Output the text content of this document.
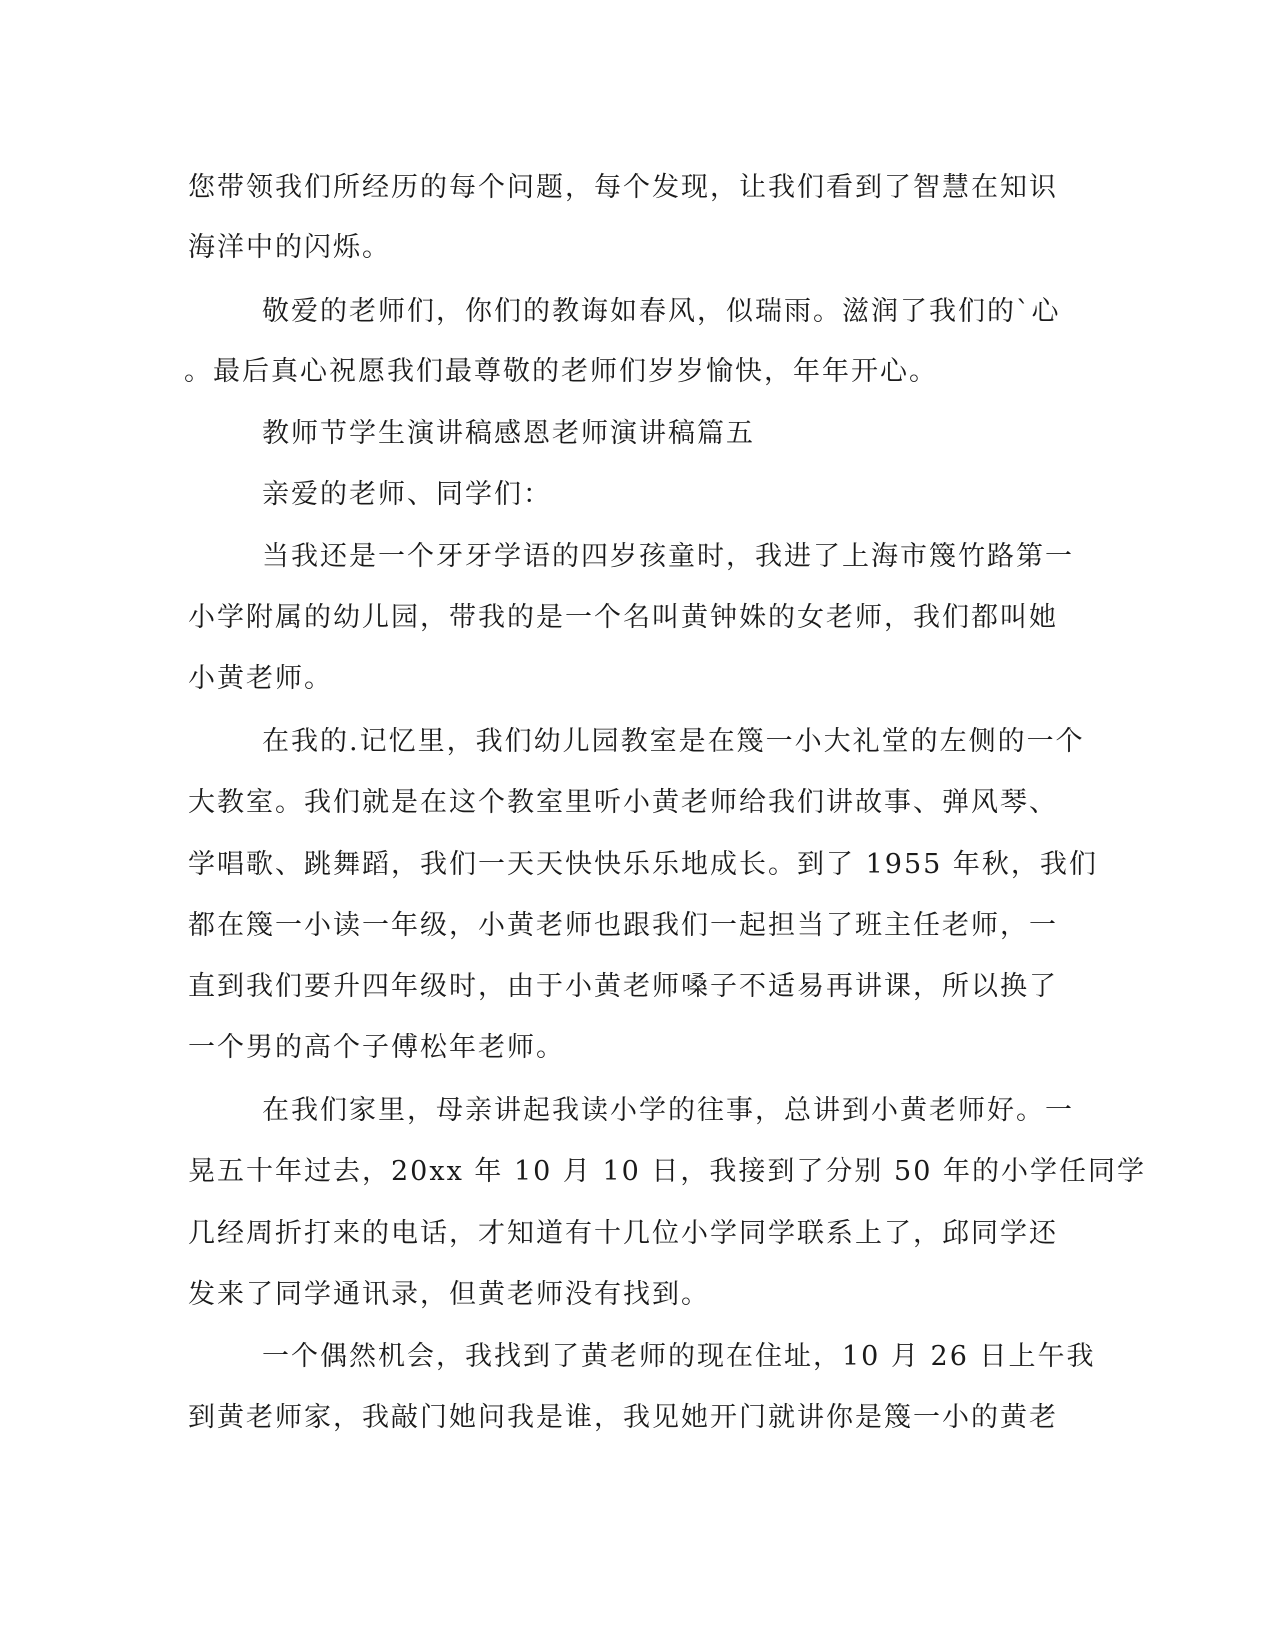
您带领我们所经历的每个问题，每个发现，让我们看到了智慧在知识
海洋中的闪烁。
敬爱的老师们，你们的教诲如春风，似瑞雨。滋润了我们的`心
。最后真心祝愿我们最尊敬的老师们岁岁愉快，年年开心。
教师节学生演讲稿感恩老师演讲稿篇五
亲爱的老师、同学们：
当我还是一个牙牙学语的四岁孩童时，我进了上海市篾竹路第一
小学附属的幼儿园，带我的是一个名叫黄钟姝的女老师，我们都叫她
小黄老师。
在我的.记忆里，我们幼儿园教室是在篾一小大礼堂的左侧的一个
大教室。我们就是在这个教室里听小黄老师给我们讲故事、弹风琴、
学唱歌、跳舞蹈，我们一天天快快乐乐地成长。到了 1955 年秋，我们
都在篾一小读一年级，小黄老师也跟我们一起担当了班主任老师，一
直到我们要升四年级时，由于小黄老师嗓子不适易再讲课，所以换了
一个男的高个子傅松年老师。
在我们家里，母亲讲起我读小学的往事，总讲到小黄老师好。一
晃五十年过去，20xx 年 10 月 10 日，我接到了分别 50 年的小学任同学
几经周折打来的电话，才知道有十几位小学同学联系上了，邱同学还
发来了同学通讯录，但黄老师没有找到。
一个偶然机会，我找到了黄老师的现在住址，10 月 26 日上午我
到黄老师家，我敲门她问我是谁，我见她开门就讲你是篾一小的黄老
